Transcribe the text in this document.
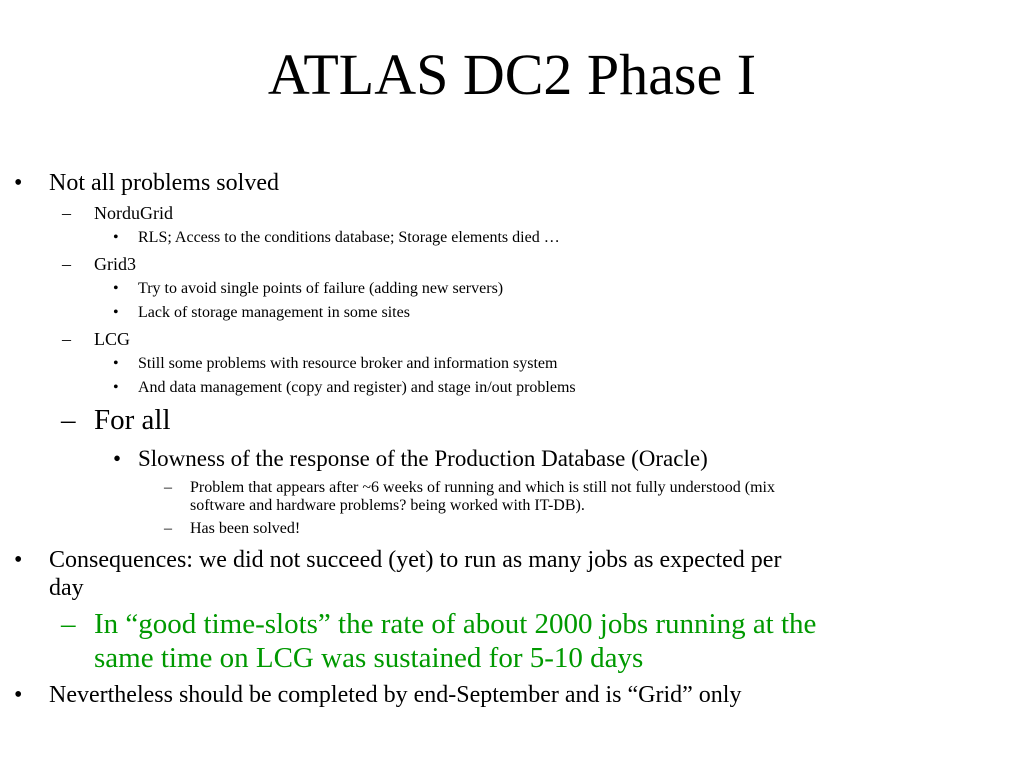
ATLAS DC2 Phase I
• Not all problems solved
– NorduGrid
• RLS; Access to the conditions database; Storage elements died …
– Grid3
• Try to avoid single points of failure (adding new servers)
• Lack of storage management in some sites
– LCG
• Still some problems with resource broker and information system
• And data management (copy and register) and stage in/out problems
– For all
• Slowness of the response of the Production Database (Oracle)
– Problem that appears after ~6 weeks of running and which is still not fully understood (mix
software and hardware problems? being worked with IT-DB).
– Has been solved!
• Consequences: we did not succeed (yet) to run as many jobs as expected per
day
– In “good time-slots” the rate of about 2000 jobs running at the
same time on LCG was sustained for 5-10 days
• Nevertheless should be completed by end-September and is “Grid” only
